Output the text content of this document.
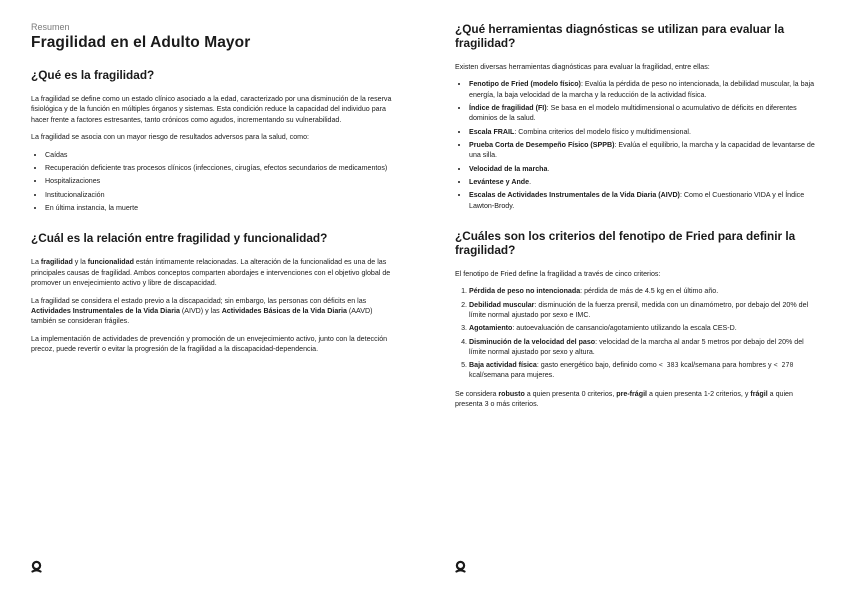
Resumen
Fragilidad en el Adulto Mayor
¿Qué es la fragilidad?

La fragilidad se define como un estado clínico asociado a la edad, caracterizado por una disminución de la reserva fisiológica y de la función en múltiples órganos y sistemas. Esta condición reduce la capacidad del individuo para hacer frente a factores estresantes, tanto crónicos como agudos, incrementando su vulnerabilidad.

La fragilidad se asocia con un mayor riesgo de resultados adversos para la salud, como:

• Caídas
• Recuperación deficiente tras procesos clínicos (infecciones, cirugías, efectos secundarios de medicamentos)
• Hospitalizaciones
• Institucionalización
• En última instancia, la muerte
¿Cuál es la relación entre fragilidad y funcionalidad?

La fragilidad y la funcionalidad están íntimamente relacionadas. La alteración de la funcionalidad es una de las principales causas de fragilidad. Ambos conceptos comparten abordajes e intervenciones con el objetivo global de promover un envejecimiento activo y libre de discapacidad.

La fragilidad se considera el estado previo a la discapacidad; sin embargo, las personas con déficits en las Actividades Instrumentales de la Vida Diaria (AIVD) y las Actividades Básicas de la Vida Diaria (AAVD) también se consideran frágiles.

La implementación de actividades de prevención y promoción de un envejecimiento activo, junto con la detección precoz, puede revertir o evitar la progresión de la fragilidad a la discapacidad-dependencia.

¿Qué herramientas diagnósticas se utilizan para evaluar la fragilidad?

Existen diversas herramientas diagnósticas para evaluar la fragilidad, entre ellas:

• Fenotipo de Fried (modelo físico): Evalúa la pérdida de peso no intencionada, la debilidad muscular, la baja energía, la baja velocidad de la marcha y la reducción de la actividad física.
• Índice de fragilidad (FI): Se basa en el modelo multidimensional o acumulativo de déficits en diferentes dominios de la salud.
• Escala FRAIL: Combina criterios del modelo físico y multidimensional.
• Prueba Corta de Desempeño Físico (SPPB): Evalúa el equilibrio, la marcha y la capacidad de levantarse de una silla.
• Velocidad de la marcha.
• Levántese y Ande.
• Escalas de Actividades Instrumentales de la Vida Diaria (AIVD): Como el Cuestionario VIDA y el Índice Lawton-Brody.
¿Cuáles son los criterios del fenotipo de Fried para definir la fragilidad?

El fenotipo de Fried define la fragilidad a través de cinco criterios:

1. Pérdida de peso no intencionada: pérdida de más de 4.5 kg en el último año.
2. Debilidad muscular: disminución de la fuerza prensil, medida con un dinamómetro, por debajo del 20% del límite normal ajustado por sexo e IMC.
3. Agotamiento: autoevaluación de cansancio/agotamiento utilizando la escala CES-D.
4. Disminución de la velocidad del paso: velocidad de la marcha al andar 5 metros por debajo del 20% del límite normal ajustado por sexo y altura.
5. Baja actividad física: gasto energético bajo, definido como < 383 kcal/semana para hombres y < 270 kcal/semana para mujeres.

Se considera robusto a quien presenta 0 criterios, pre-frágil a quien presenta 1-2 criterios, y frágil a quien presenta 3 o más criterios.
